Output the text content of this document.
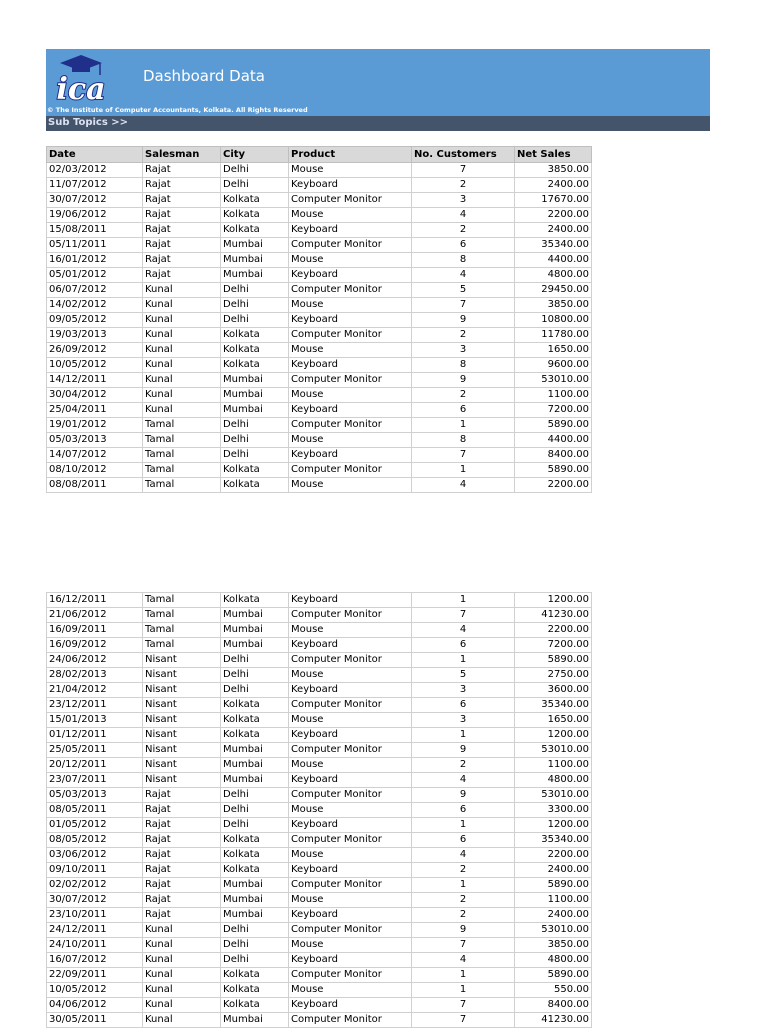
ica Dashboard Data
© The Institute of Computer Accountants, Kolkata. All Rights Reserved
Sub Topics >>
Date	Salesman	City	Product	No. Customers	Net Sales
02/03/2012	Rajat	Delhi	Mouse	7	3850.00
11/07/2012	Rajat	Delhi	Keyboard	2	2400.00
30/07/2012	Rajat	Kolkata	Computer Monitor	3	17670.00
19/06/2012	Rajat	Kolkata	Mouse	4	2200.00
15/08/2011	Rajat	Kolkata	Keyboard	2	2400.00
05/11/2011	Rajat	Mumbai	Computer Monitor	6	35340.00
16/01/2012	Rajat	Mumbai	Mouse	8	4400.00
05/01/2012	Rajat	Mumbai	Keyboard	4	4800.00
06/07/2012	Kunal	Delhi	Computer Monitor	5	29450.00
14/02/2012	Kunal	Delhi	Mouse	7	3850.00
09/05/2012	Kunal	Delhi	Keyboard	9	10800.00
19/03/2013	Kunal	Kolkata	Computer Monitor	2	11780.00
26/09/2012	Kunal	Kolkata	Mouse	3	1650.00
10/05/2012	Kunal	Kolkata	Keyboard	8	9600.00
14/12/2011	Kunal	Mumbai	Computer Monitor	9	53010.00
30/04/2012	Kunal	Mumbai	Mouse	2	1100.00
25/04/2011	Kunal	Mumbai	Keyboard	6	7200.00
19/01/2012	Tamal	Delhi	Computer Monitor	1	5890.00
05/03/2013	Tamal	Delhi	Mouse	8	4400.00
14/07/2012	Tamal	Delhi	Keyboard	7	8400.00
08/10/2012	Tamal	Kolkata	Computer Monitor	1	5890.00
08/08/2011	Tamal	Kolkata	Mouse	4	2200.00
16/12/2011	Tamal	Kolkata	Keyboard	1	1200.00
21/06/2012	Tamal	Mumbai	Computer Monitor	7	41230.00
16/09/2011	Tamal	Mumbai	Mouse	4	2200.00
16/09/2012	Tamal	Mumbai	Keyboard	6	7200.00
24/06/2012	Nisant	Delhi	Computer Monitor	1	5890.00
28/02/2013	Nisant	Delhi	Mouse	5	2750.00
21/04/2012	Nisant	Delhi	Keyboard	3	3600.00
23/12/2011	Nisant	Kolkata	Computer Monitor	6	35340.00
15/01/2013	Nisant	Kolkata	Mouse	3	1650.00
01/12/2011	Nisant	Kolkata	Keyboard	1	1200.00
25/05/2011	Nisant	Mumbai	Computer Monitor	9	53010.00
20/12/2011	Nisant	Mumbai	Mouse	2	1100.00
23/07/2011	Nisant	Mumbai	Keyboard	4	4800.00
05/03/2013	Rajat	Delhi	Computer Monitor	9	53010.00
08/05/2011	Rajat	Delhi	Mouse	6	3300.00
01/05/2012	Rajat	Delhi	Keyboard	1	1200.00
08/05/2012	Rajat	Kolkata	Computer Monitor	6	35340.00
03/06/2012	Rajat	Kolkata	Mouse	4	2200.00
09/10/2011	Rajat	Kolkata	Keyboard	2	2400.00
02/02/2012	Rajat	Mumbai	Computer Monitor	1	5890.00
30/07/2012	Rajat	Mumbai	Mouse	2	1100.00
23/10/2011	Rajat	Mumbai	Keyboard	2	2400.00
24/12/2011	Kunal	Delhi	Computer Monitor	9	53010.00
24/10/2011	Kunal	Delhi	Mouse	7	3850.00
16/07/2012	Kunal	Delhi	Keyboard	4	4800.00
22/09/2011	Kunal	Kolkata	Computer Monitor	1	5890.00
10/05/2012	Kunal	Kolkata	Mouse	1	550.00
04/06/2012	Kunal	Kolkata	Keyboard	7	8400.00
30/05/2011	Kunal	Mumbai	Computer Monitor	7	41230.00
